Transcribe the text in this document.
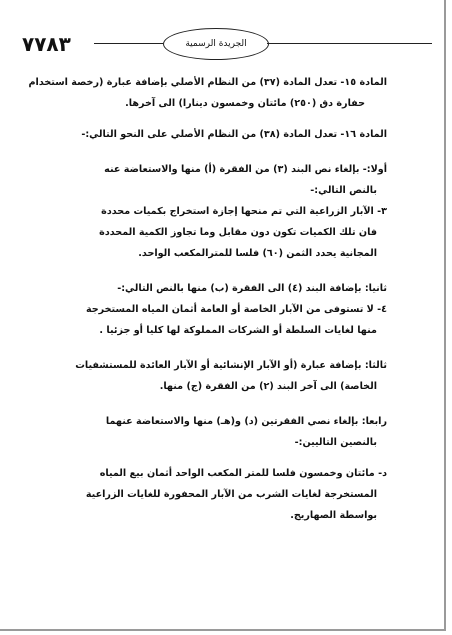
الجريدة الرسمية
٧٧٨٣

المادة ١٥- تعدل المادة (٣٧) من النظام الأصلي بإضافة عبارة (رخصة استخدام
حفارة دق (٢٥٠) مائتان وخمسون دينارا) الى آخرها.

المادة ١٦- تعدل المادة (٣٨) من النظام الأصلي على النحو التالي:-

أولا:- بإلغاء نص البند (٣) من الفقرة (أ) منها والاستعاضة عنه
بالنص التالي:-

٣- الآبار الزراعية التي تم منحها إجازة استخراج بكميات محددة
فان تلك الكميات تكون دون مقابل وما تجاوز الكمية المحددة
المجانية يحدد الثمن (٦٠) فلسا للمترالمكعب الواحد.

ثانيا: بإضافة البند (٤) الى الفقرة (ب) منها بالنص التالي:-

٤- لا تستوفى من الآبار الخاصة أو العامة أثمان المياه المستخرجة
منها لغايات السلطة أو الشركات المملوكة لها كليا أو جزئيا .

ثالثا: بإضافة عبارة (أو الآبار الإنشائية أو الآبار العائدة للمستشفيات
الخاصة) الى آخر البند (٢) من الفقرة (ج) منها.

رابعا: بإلغاء نصي الفقرتين (د) و(هـ) منها والاستعاضة عنهما
بالنصين التاليين:-

د- مائتان وخمسون فلسا للمتر المكعب الواحد أثمان بيع المياه
المستخرجة لغايات الشرب من الآبار المحفورة للغايات الزراعية
بواسطة الصهاريج.
